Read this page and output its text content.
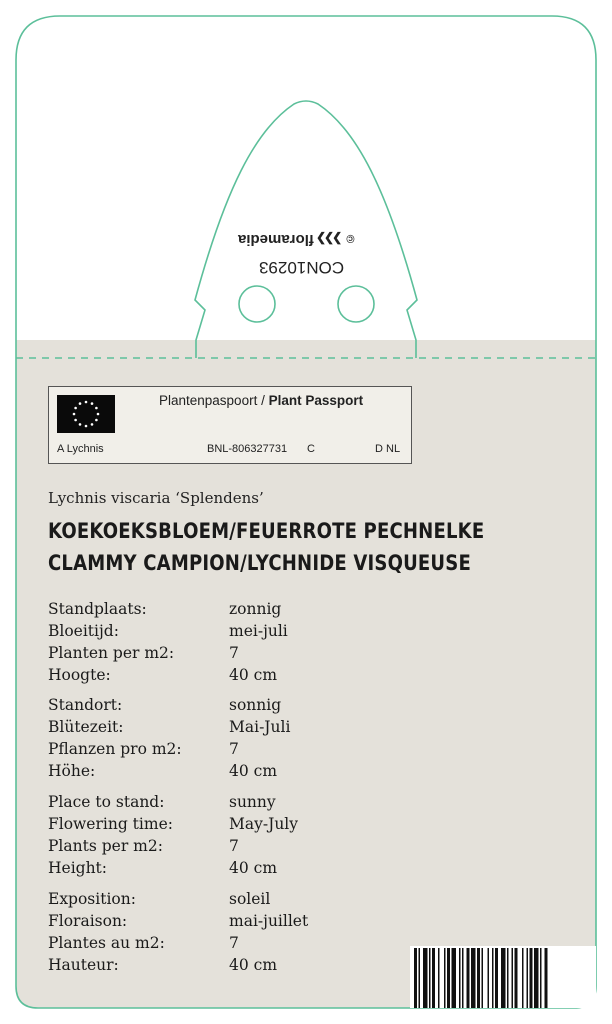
© ❯❯❯ floramedia
CON10293
Plantenpaspoort / Plant Passport
A Lychnis	BNL-806327731 C	D NL
Lychnis viscaria ‘Splendens’
KOEKOEKSBLOEM/FEUERROTE PECHNELKE
CLAMMY CAMPION/LYCHNIDE VISQUEUSE
Standplaats:	zonnig
Bloeitijd:	mei-juli
Planten per m2:	7
Hoogte:	40 cm
Standort:	sonnig
Blütezeit:	Mai-Juli
Pflanzen pro m2:	7
Höhe:	40 cm
Place to stand:	sunny
Flowering time:	May-July
Plants per m2:	7
Height:	40 cm
Exposition:	soleil
Floraison:	mai-juillet
Plantes au m2:	7
Hauteur:	40 cm
